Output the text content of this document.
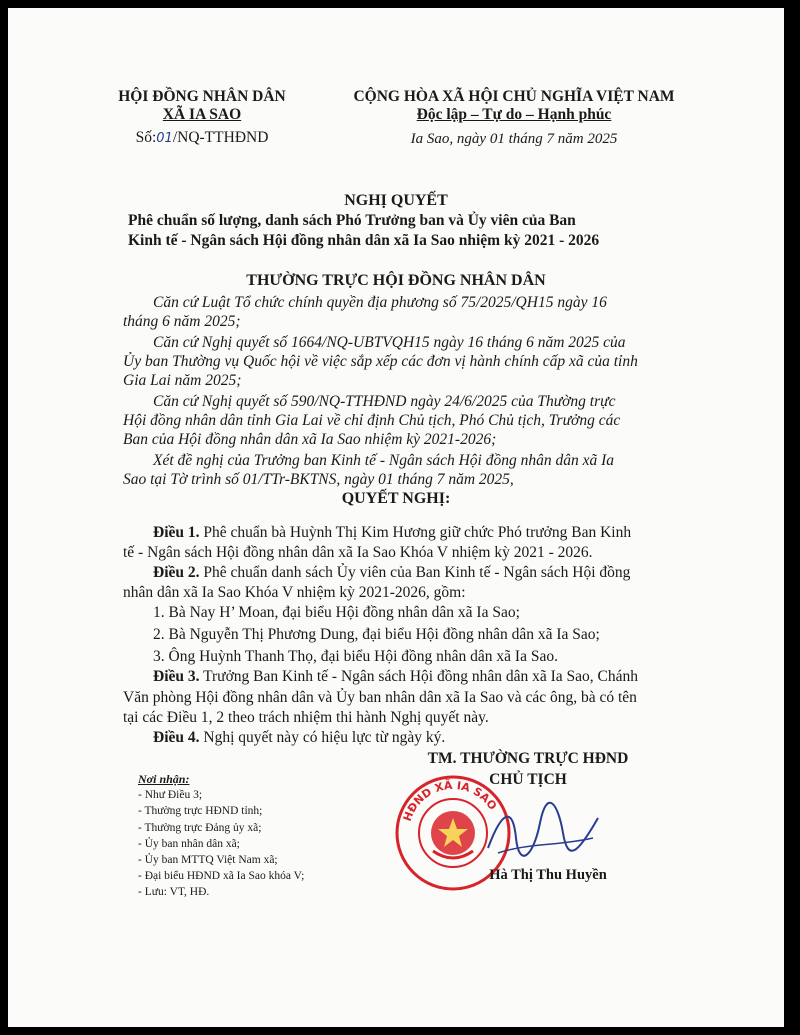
HỘI ĐỒNG NHÂN DÂN
XÃ IA SAO
Số:01/NQ-TTHĐND
CỘNG HÒA XÃ HỘI CHỦ NGHĨA VIỆT NAM
Độc lập – Tự do – Hạnh phúc
Ia Sao, ngày 01 tháng 7 năm 2025
NGHỊ QUYẾT
Phê chuẩn số lượng, danh sách Phó Trưởng ban và Ủy viên của Ban
Kinh tế - Ngân sách Hội đồng nhân dân xã Ia Sao nhiệm kỳ 2021 - 2026
THƯỜNG TRỰC HỘI ĐỒNG NHÂN DÂN
Căn cứ Luật Tổ chức chính quyền địa phương số 75/2025/QH15 ngày 16
tháng 6 năm 2025;
Căn cứ Nghị quyết số 1664/NQ-UBTVQH15 ngày 16 tháng 6 năm 2025 của
Ủy ban Thường vụ Quốc hội về việc sắp xếp các đơn vị hành chính cấp xã của tỉnh
Gia Lai năm 2025;
Căn cứ Nghị quyết số 590/NQ-TTHĐND ngày 24/6/2025 của Thường trực
Hội đồng nhân dân tỉnh Gia Lai về chỉ định Chủ tịch, Phó Chủ tịch, Trưởng các
Ban của Hội đồng nhân dân xã Ia Sao nhiệm kỳ 2021-2026;
Xét đề nghị của Trưởng ban Kinh tế - Ngân sách Hội đồng nhân dân xã Ia
Sao tại Tờ trình số 01/TTr-BKTNS, ngày 01 tháng 7 năm 2025,
QUYẾT NGHỊ:
Điều 1. Phê chuẩn bà Huỳnh Thị Kim Hương giữ chức Phó trưởng Ban Kinh
tế - Ngân sách Hội đồng nhân dân xã Ia Sao Khóa V nhiệm kỳ 2021 - 2026.
Điều 2. Phê chuẩn danh sách Ủy viên của Ban Kinh tế - Ngân sách Hội đồng
nhân dân xã Ia Sao Khóa V nhiệm kỳ 2021-2026, gồm:
1. Bà Nay H’ Moan, đại biểu Hội đồng nhân dân xã Ia Sao;
2. Bà Nguyễn Thị Phương Dung, đại biểu Hội đồng nhân dân xã Ia Sao;
3. Ông Huỳnh Thanh Thọ, đại biểu Hội đồng nhân dân xã Ia Sao.
Điều 3. Trưởng Ban Kinh tế - Ngân sách Hội đồng nhân dân xã Ia Sao, Chánh
Văn phòng Hội đồng nhân dân và Ủy ban nhân dân xã Ia Sao và các ông, bà có tên
tại các Điều 1, 2 theo trách nhiệm thi hành Nghị quyết này.
Điều 4. Nghị quyết này có hiệu lực từ ngày ký.
Nơi nhận:
- Như Điều 3;
- Thường trực HĐND tỉnh;
- Thường trực Đảng ủy xã;
- Ủy ban nhân dân xã;
- Ủy ban MTTQ Việt Nam xã;
- Đại biểu HĐND xã Ia Sao khóa V;
- Lưu: VT, HĐ.
TM. THƯỜNG TRỰC HĐND
CHỦ TỊCH
HĐND XÃ IA SAO
Hà Thị Thu Huyền
